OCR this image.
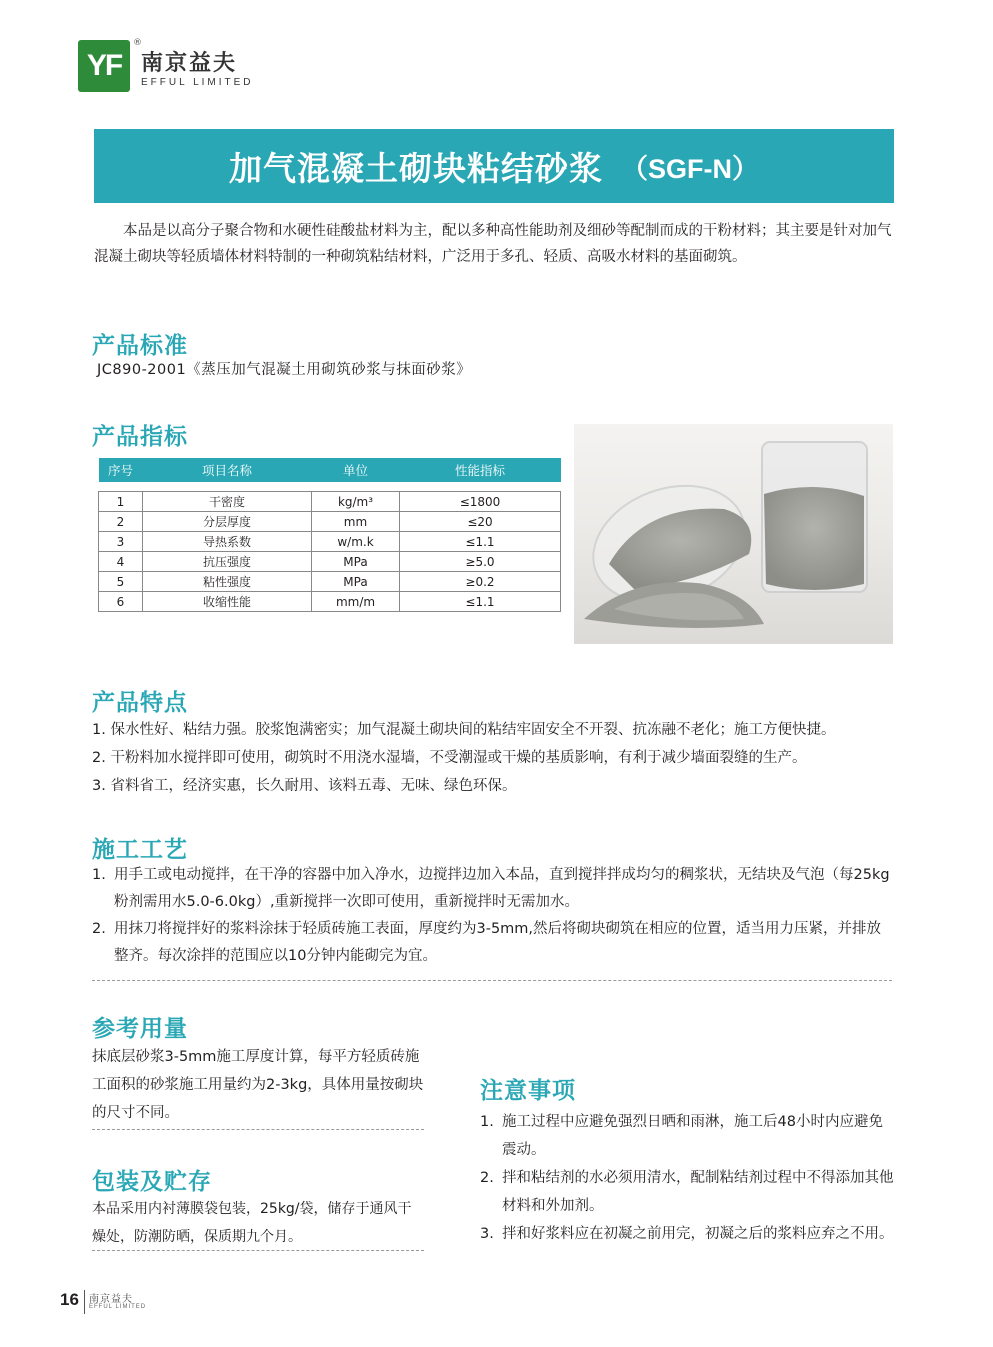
YF
®
南京益夫
EFFUL LIMITED
加气混凝土砌块粘结砂浆 （SGF-N）
本品是以高分子聚合物和水硬性硅酸盐材料为主，配以多种高性能助剂及细砂等配制而成的干粉材料；其主要是针对加气混凝土砌块等轻质墙体材料特制的一种砌筑粘结材料，广泛用于多孔、轻质、高吸水材料的基面砌筑。
产品标准
JC890-2001《蒸压加气混凝土用砌筑砂浆与抹面砂浆》
产品指标
序号	项目名称	单位	性能指标

1	干密度	kg/m³	≤1800
2	分层厚度	mm	≤20
3	导热系数	w/m.k	≤1.1
4	抗压强度	MPa	≥5.0
5	粘性强度	MPa	≥0.2
6	收缩性能	mm/m	≤1.1
产品特点
1. 保水性好、粘结力强。胶浆饱满密实；加气混凝土砌块间的粘结牢固安全不开裂、抗冻融不老化；施工方便快捷。
2. 干粉料加水搅拌即可使用，砌筑时不用浇水湿墙，不受潮湿或干燥的基质影响，有利于减少墙面裂缝的生产。
3. 省料省工，经济实惠，长久耐用、该料五毒、无味、绿色环保。
施工工艺
1. 用手工或电动搅拌，在干净的容器中加入净水，边搅拌边加入本品，直到搅拌拌成均匀的稠浆状，无结块及气泡（每25kg粉剂需用水5.0-6.0kg）,重新搅拌一次即可使用，重新搅拌时无需加水。
2. 用抹刀将搅拌好的浆料涂抹于轻质砖施工表面，厚度约为3-5mm,然后将砌块砌筑在相应的位置，适当用力压紧，并排放整齐。每次涂拌的范围应以10分钟内能砌完为宜。
参考用量
抹底层砂浆3-5mm施工厚度计算，每平方轻质砖施工面积的砂浆施工用量约为2-3kg，具体用量按砌块的尺寸不同。
包装及贮存
本品采用内衬薄膜袋包装，25kg/袋，储存于通风干燥处，防潮防晒，保质期九个月。
注意事项
1. 施工过程中应避免强烈日晒和雨淋，施工后48小时内应避免震动。
2. 拌和粘结剂的水必须用清水，配制粘结剂过程中不得添加其他材料和外加剂。
3. 拌和好浆料应在初凝之前用完，初凝之后的浆料应弃之不用。
16 南京益夫
EFFUL LIMITED
